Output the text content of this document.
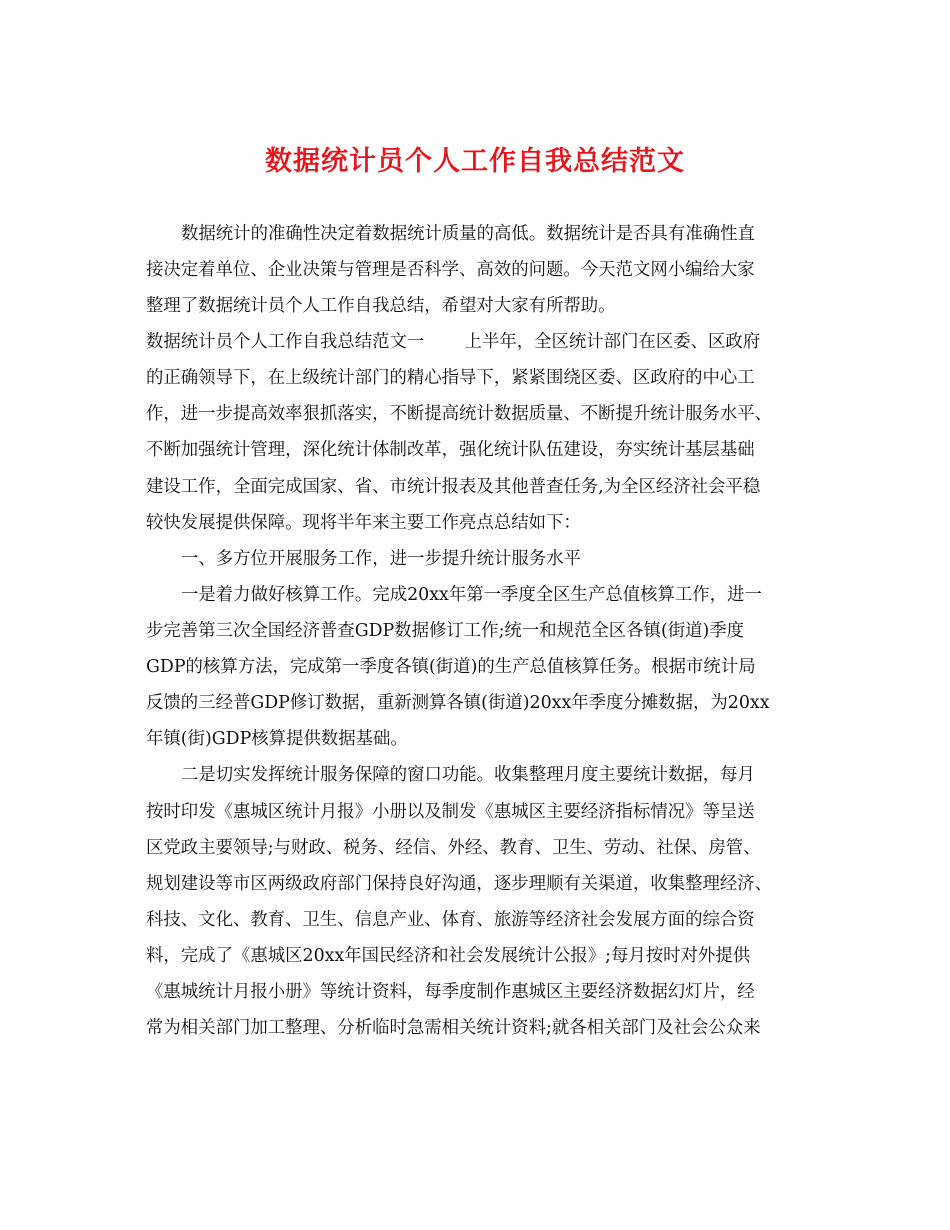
数据统计员个人工作自我总结范文
数据统计的准确性决定着数据统计质量的高低。数据统计是否具有准确性直
接决定着单位、企业决策与管理是否科学、高效的问题。今天范文网小编给大家
整理了数据统计员个人工作自我总结，希望对大家有所帮助。
数据统计员个人工作自我总结范文一　　 上半年，全区统计部门在区委、区政府
的正确领导下，在上级统计部门的精心指导下，紧紧围绕区委、区政府的中心工
作，进一步提高效率狠抓落实，不断提高统计数据质量、不断提升统计服务水平、
不断加强统计管理，深化统计体制改革，强化统计队伍建设，夯实统计基层基础
建设工作，全面完成国家、省、市统计报表及其他普查任务,为全区经济社会平稳
较快发展提供保障。现将半年来主要工作亮点总结如下：
一、多方位开展服务工作，进一步提升统计服务水平
一是着力做好核算工作。完成20xx年第一季度全区生产总值核算工作，进一
步完善第三次全国经济普查GDP数据修订工作;统一和规范全区各镇(街道)季度
GDP的核算方法，完成第一季度各镇(街道)的生产总值核算任务。根据市统计局
反馈的三经普GDP修订数据，重新测算各镇(街道)20xx年季度分摊数据，为20xx
年镇(街)GDP核算提供数据基础。
二是切实发挥统计服务保障的窗口功能。收集整理月度主要统计数据，每月
按时印发《惠城区统计月报》小册以及制发《惠城区主要经济指标情况》等呈送
区党政主要领导;与财政、税务、经信、外经、教育、卫生、劳动、社保、房管、
规划建设等市区两级政府部门保持良好沟通，逐步理顺有关渠道，收集整理经济、
科技、文化、教育、卫生、信息产业、体育、旅游等经济社会发展方面的综合资
料，完成了《惠城区20xx年国民经济和社会发展统计公报》;每月按时对外提供
《惠城统计月报小册》等统计资料，每季度制作惠城区主要经济数据幻灯片，经
常为相关部门加工整理、分析临时急需相关统计资料;就各相关部门及社会公众来
